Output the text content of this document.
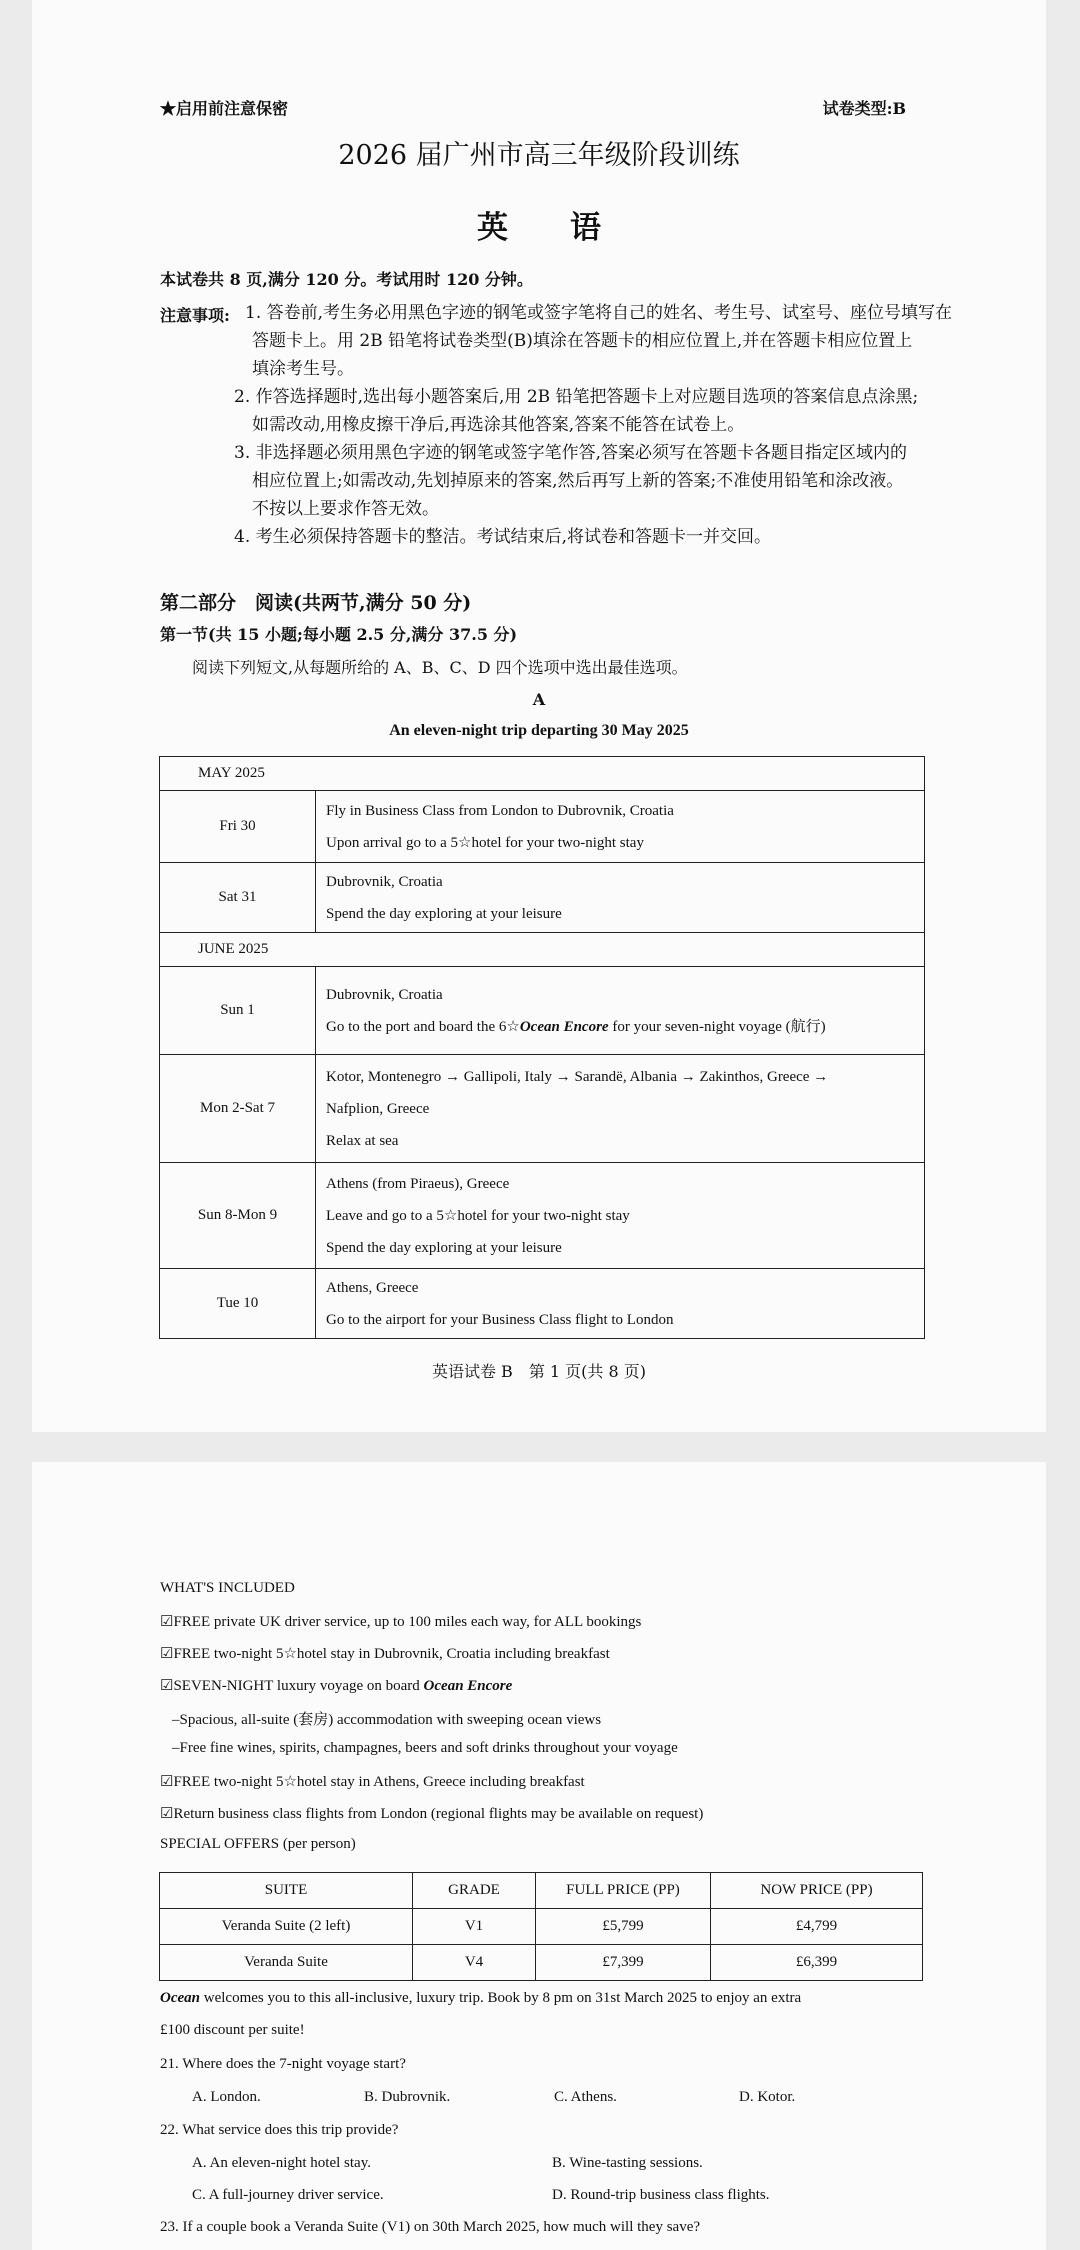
★启用前注意保密	试卷类型:B
2026 届广州市高三年级阶段训练
英　　语
本试卷共 8 页,满分 120 分。考试用时 120 分钟。
注意事项: 1. 答卷前,考生务必用黑色字迹的钢笔或签字笔将自己的姓名、考生号、试室号、座位号填写在
答题卡上。用 2B 铅笔将试卷类型(B)填涂在答题卡的相应位置上,并在答题卡相应位置上
填涂考生号。
2. 作答选择题时,选出每小题答案后,用 2B 铅笔把答题卡上对应题目选项的答案信息点涂黑;
如需改动,用橡皮擦干净后,再选涂其他答案,答案不能答在试卷上。
3. 非选择题必须用黑色字迹的钢笔或签字笔作答,答案必须写在答题卡各题目指定区域内的
相应位置上;如需改动,先划掉原来的答案,然后再写上新的答案;不准使用铅笔和涂改液。
不按以上要求作答无效。
4. 考生必须保持答题卡的整洁。考试结束后,将试卷和答题卡一并交回。
第二部分　阅读(共两节,满分 50 分)
第一节(共 15 小题;每小题 2.5 分,满分 37.5 分)
阅读下列短文,从每题所给的 A、B、C、D 四个选项中选出最佳选项。
A
An eleven-night trip departing 30 May 2025
MAY 2025	
Fri 30	Fly in Business Class from London to Dubrovnik, Croatia
Upon arrival go to a 5☆hotel for your two-night stay

Sat 31	Dubrovnik, Croatia
Spend the day exploring at your leisure

JUNE 2025	
Sun 1	Dubrovnik, Croatia
Go to the port and board the 6☆Ocean Encore for your seven-night voyage (航行)

Mon 2-Sat 7	Kotor, Montenegro → Gallipoli, Italy → Sarandë, Albania → Zakinthos, Greece →
Nafplion, Greece
Relax at sea

Sun 8-Mon 9	Athens (from Piraeus), Greece
Leave and go to a 5☆hotel for your two-night stay
Spend the day exploring at your leisure

Tue 10	Athens, Greece
Go to the airport for your Business Class flight to London
英语试卷 B　第 1 页(共 8 页)
WHAT'S INCLUDED
☑FREE private UK driver service, up to 100 miles each way, for ALL bookings
☑FREE two-night 5☆hotel stay in Dubrovnik, Croatia including breakfast
☑SEVEN-NIGHT luxury voyage on board Ocean Encore
–Spacious, all-suite (套房) accommodation with sweeping ocean views
–Free fine wines, spirits, champagnes, beers and soft drinks throughout your voyage
☑FREE two-night 5☆hotel stay in Athens, Greece including breakfast
☑Return business class flights from London (regional flights may be available on request)
SPECIAL OFFERS (per person)
SUITE	GRADE	FULL PRICE (PP)	NOW PRICE (PP)
Veranda Suite (2 left)	V1	£5,799	£4,799
Veranda Suite	V4	£7,399	£6,399
Ocean welcomes you to this all-inclusive, luxury trip. Book by 8 pm on 31st March 2025 to enjoy an extra
£100 discount per suite!
21. Where does the 7-night voyage start?
A. London.	B. Dubrovnik.	C. Athens.	D. Kotor.
22. What service does this trip provide?
A. An eleven-night hotel stay.	B. Wine-tasting sessions.
C. A full-journey driver service.	D. Round-trip business class flights.
23. If a couple book a Veranda Suite (V1) on 30th March 2025, how much will they save?
